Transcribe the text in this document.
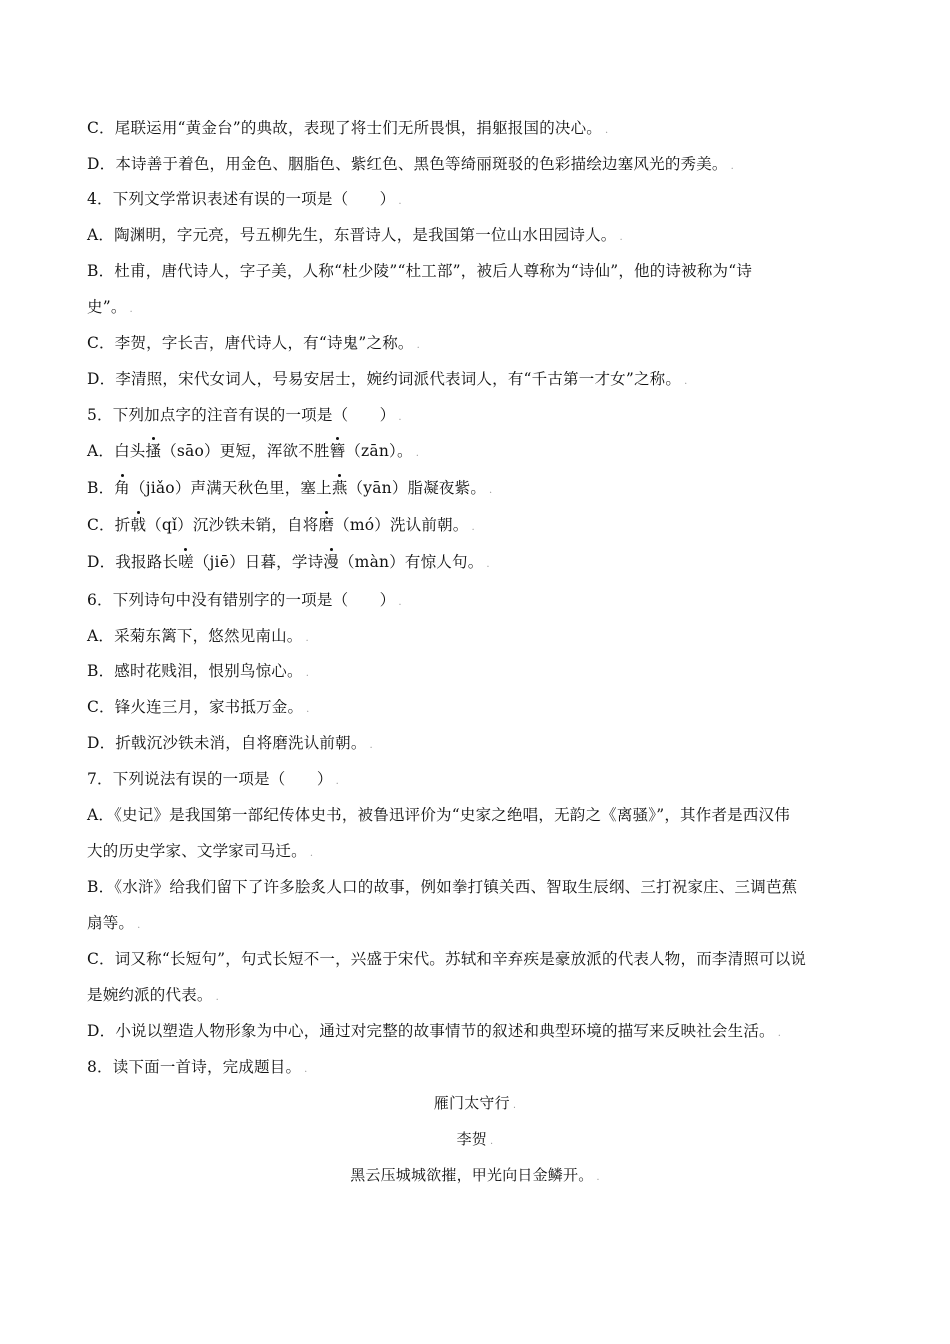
C．尾联运用“黄金台”的典故，表现了将士们无所畏惧，捐躯报国的决心。 .
D．本诗善于着色，用金色、胭脂色、紫红色、黑色等绮丽斑驳的色彩描绘边塞风光的秀美。 .
4．下列文学常识表述有误的一项是（　　） .
A．陶渊明，字元亮，号五柳先生，东晋诗人，是我国第一位山水田园诗人。 .
B．杜甫，唐代诗人，字子美，人称“杜少陵”“杜工部”，被后人尊称为“诗仙”，他的诗被称为“诗
史”。 .
C．李贺，字长吉，唐代诗人，有“诗鬼”之称。 .
D．李清照，宋代女词人，号易安居士，婉约词派代表词人，有“千古第一才女”之称。 .
5．下列加点字的注音有误的一项是（　　） .
A．白头搔（sāo）更短，浑欲不胜簪（zān）。 .
B．角（jiǎo）声满天秋色里，塞上燕（yān）脂凝夜紫。 .
C．折戟（qǐ）沉沙铁未销，自将磨（mó）洗认前朝。 .
D．我报路长嗟（jiē）日暮，学诗漫（màn）有惊人句。 .
6．下列诗句中没有错别字的一项是（　　） .
A．采菊东篱下，悠然见南山。 .
B．感时花贱泪，恨别鸟惊心。 .
C．锋火连三月，家书抵万金。 .
D．折戟沉沙铁未消，自将磨洗认前朝。 .
7．下列说法有误的一项是（　　） .
A．《史记》是我国第一部纪传体史书，被鲁迅评价为“史家之绝唱，无韵之《离骚》”，其作者是西汉伟
大的历史学家、文学家司马迁。 .
B．《水浒》给我们留下了许多脍炙人口的故事，例如拳打镇关西、智取生辰纲、三打祝家庄、三调芭蕉
扇等。 .
C．词又称“长短句”，句式长短不一，兴盛于宋代。苏轼和辛弃疾是豪放派的代表人物，而李清照可以说
是婉约派的代表。 .
D．小说以塑造人物形象为中心，通过对完整的故事情节的叙述和典型环境的描写来反映社会生活。 .
8．读下面一首诗，完成题目。 .
雁门太守行 .
李贺 .
黑云压城城欲摧，甲光向日金鳞开。 .
